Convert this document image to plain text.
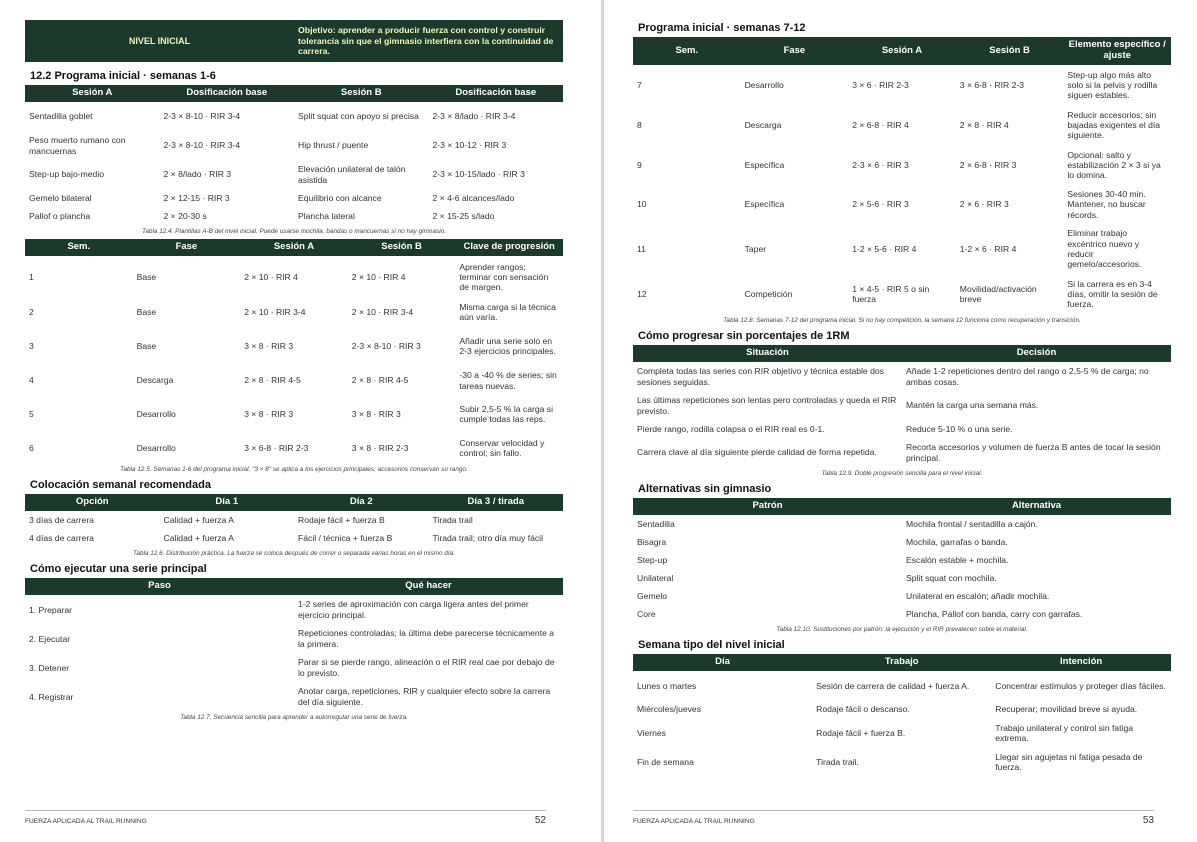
NIVEL INICIAL
Objetivo: aprender a producir fuerza con control y construir tolerancia sin que el gimnasio interfiera con la continuidad de carrera.
12.2 Programa inicial · semanas 1-6
Sesión A	Dosificación base	Sesión B	Dosificación base
Sentadilla goblet	2-3 × 8-10 · RIR 3-4	Split squat con apoyo si precisa	2-3 × 8/lado · RIR 3-4
Peso muerto rumano con mancuernas	2-3 × 8-10 · RIR 3-4	Hip thrust / puente	2-3 × 10-12 · RIR 3
Step-up bajo-medio	2 × 8/lado · RIR 3	Elevación unilateral de talón asistida	2-3 × 10-15/lado · RIR 3
Gemelo bilateral	2 × 12-15 · RIR 3	Equilibrio con alcance	2 × 4-6 alcances/lado
Pallof o plancha	2 × 20-30 s	Plancha lateral	2 × 15-25 s/lado
Tabla 12.4. Plantillas A-B del nivel inicial. Puede usarse mochila, bandas o mancuernas si no hay gimnasio.
Sem.	Fase	Sesión A	Sesión B	Clave de progresión
1	Base	2 × 10 · RIR 4	2 × 10 · RIR 4	Aprender rangos; terminar con sensación de margen.
2	Base	2 × 10 · RIR 3-4	2 × 10 · RIR 3-4	Misma carga si la técnica aún varía.
3	Base	3 × 8 · RIR 3	2-3 × 8-10 · RIR 3	Añadir una serie solo en 2-3 ejercicios principales.
4	Descarga	2 × 8 · RIR 4-5	2 × 8 · RIR 4-5	-30 a -40 % de series; sin tareas nuevas.
5	Desarrollo	3 × 8 · RIR 3	3 × 8 · RIR 3	Subir 2,5-5 % la carga si cumple todas las reps.
6	Desarrollo	3 × 6-8 · RIR 2-3	3 × 8 · RIR 2-3	Conservar velocidad y control; sin fallo.
Tabla 12.5. Semanas 1-6 del programa inicial. "3 × 8" se aplica a los ejercicios principales; accesorios conservan su rango.
Colocación semanal recomendada
Opción	Día 1	Día 2	Día 3 / tirada
3 días de carrera	Calidad + fuerza A	Rodaje fácil + fuerza B	Tirada trail
4 días de carrera	Calidad + fuerza A	Fácil / técnica + fuerza B	Tirada trail; otro día muy fácil
Tabla 12.6. Distribución práctica. La fuerza se coloca después de correr o separada varias horas en el mismo día.
Cómo ejecutar una serie principal
Paso	Qué hacer
1. Preparar	1-2 series de aproximación con carga ligera antes del primer ejercicio principal.
2. Ejecutar	Repeticiones controladas; la última debe parecerse técnicamente a la primera.
3. Detener	Parar si se pierde rango, alineación o el RIR real cae por debajo de lo previsto.
4. Registrar	Anotar carga, repeticiones, RIR y cualquier efecto sobre la carrera del día siguiente.
Tabla 12.7. Secuencia sencilla para aprender a autorregular una serie de fuerza.
FUERZA APLICADA AL TRAIL RUNNING	52
Programa inicial · semanas 7-12
Sem.	Fase	Sesión A	Sesión B	Elemento específico / ajuste
7	Desarrollo	3 × 6 · RIR 2-3	3 × 6-8 · RIR 2-3	Step-up algo más alto solo si la pelvis y rodilla siguen estables.
8	Descarga	2 × 6-8 · RIR 4	2 × 8 · RIR 4	Reducir accesorios; sin bajadas exigentes el día siguiente.
9	Específica	2-3 × 6 · RIR 3	2 × 6-8 · RIR 3	Opcional: salto y estabilización 2 × 3 si ya lo domina.
10	Específica	2 × 5-6 · RIR 3	2 × 6 · RIR 3	Sesiones 30-40 min. Mantener, no buscar récords.
11	Taper	1-2 × 5-6 · RIR 4	1-2 × 6 · RIR 4	Eliminar trabajo excéntrico nuevo y reducir gemelo/accesorios.
12	Competición	1 × 4-5 · RIR 5 o sin fuerza	Movilidad/activación breve	Si la carrera es en 3-4 días, omitir la sesión de fuerza.
Tabla 12.8. Semanas 7-12 del programa inicial. Si no hay competición, la semana 12 funciona como recuperación y transición.
Cómo progresar sin porcentajes de 1RM
Situación	Decisión
Completa todas las series con RIR objetivo y técnica estable dos sesiones seguidas.	Añade 1-2 repeticiones dentro del rango o 2,5-5 % de carga; no ambas cosas.
Las últimas repeticiones son lentas pero controladas y queda el RIR previsto.	Mantén la carga una semana más.
Pierde rango, rodilla colapsa o el RIR real es 0-1.	Reduce 5-10 % o una serie.
Carrera clave al día siguiente pierde calidad de forma repetida.	Recorta accesorios y volumen de fuerza B antes de tocar la sesión principal.
Tabla 12.9. Doble progresión sencilla para el nivel inicial.
Alternativas sin gimnasio
Patrón	Alternativa
Sentadilla	Mochila frontal / sentadilla a cajón.
Bisagra	Mochila, garrafas o banda.
Step-up	Escalón estable + mochila.
Unilateral	Split squat con mochila.
Gemelo	Unilateral en escalón; añadir mochila.
Core	Plancha, Pallof con banda, carry con garrafas.
Tabla 12.10. Sustituciones por patrón: la ejecución y el RIR prevalecen sobre el material.
Semana tipo del nivel inicial
Día	Trabajo	Intención
Lunes o martes	Sesión de carrera de calidad + fuerza A.	Concentrar estímulos y proteger días fáciles.
Miércoles/jueves	Rodaje fácil o descanso.	Recuperar; movilidad breve si ayuda.
Viernes	Rodaje fácil + fuerza B.	Trabajo unilateral y control sin fatiga extrema.
Fin de semana	Tirada trail.	Llegar sin agujetas ni fatiga pesada de fuerza.
FUERZA APLICADA AL TRAIL RUNNING	53
